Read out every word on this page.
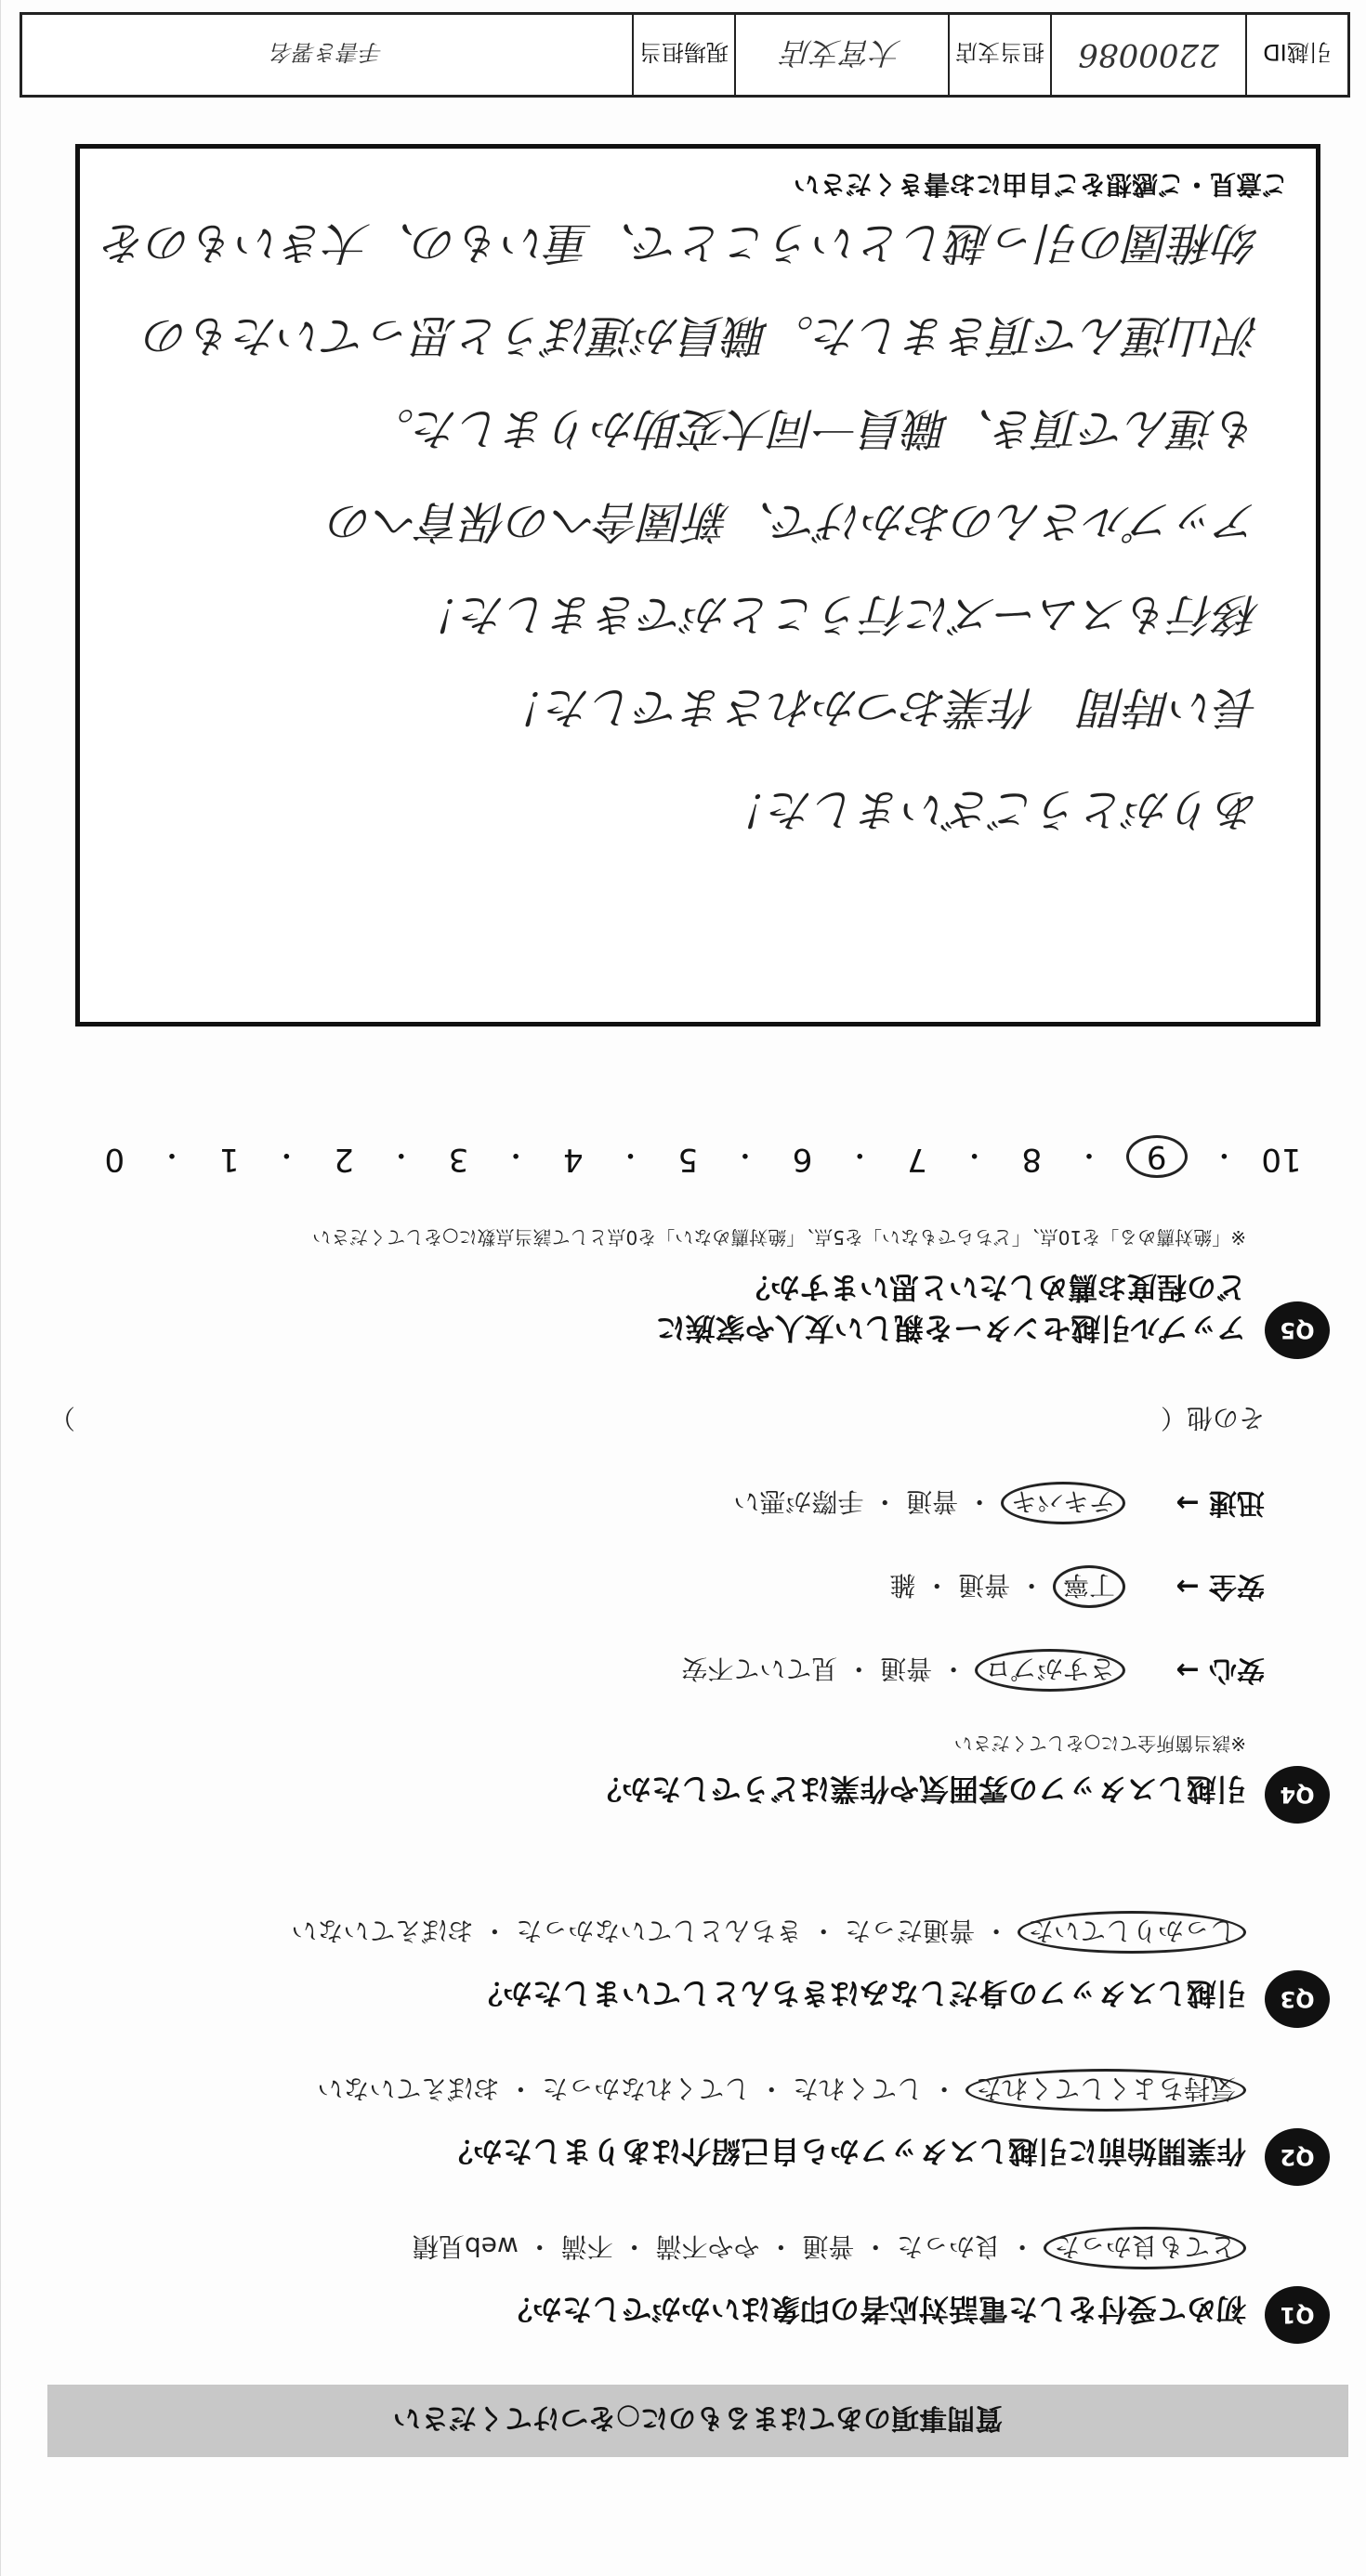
質問事項のあてはまるものに○をつけてください
Q1
初めて受付をした電話対応者の印象はいかがでしたか？
とても良かった ・ 良かった ・ 普通 ・ やや不満 ・ 不満 ・ web見積
Q2
作業開始前に引越しスタッフから自己紹介はありましたか？
気持ちよくしてくれた ・ してくれた ・ してくれなかった ・ おぼえていない
Q3
引越しスタッフの身だしなみはきちんとしていましたか？
しっかりしていた ・ 普通だった ・ きちんとしていなかった ・ おぼえていない
Q4
引越しスタッフの雰囲気や作業はどうでしたか？
※該当箇所全てに○をしてください
安心 →
さすがプロ ・ 普通 ・ 見ていて不安
安全 →
丁寧 ・ 普通 ・ 雑
迅速 →
テキパキ ・ 普通 ・ 手際が悪い
その他（
）
Q5
アップル引越センターを親しい友人や家族に
どの程度お薦めしたいと思いますか？
※「絶対薦める」を10点、「どちらでもない」を5点、「絶対薦めない」を0点として該当点数に○をしてください
10
・
9
・
8
・
7
・
6
・
5
・
4
・
3
・
2
・
1
・
0
ご意見・ご感想をご自由にお書きください
幼稚園の引っ越しということで、重いもの、大きいものを
沢山運んで頂きました。職員が運ぼうと思っていたもの
も運んで頂き、職員一同大変助かりました。
アップルさんのおかげで、新園舎への保育への
移行もスムーズに行うことができました！
長い時間　作業おつかれさまでした！
ありがとうございました！
引越ID
2200086
担当支店
大宮支店
現場担当
手書き署名
